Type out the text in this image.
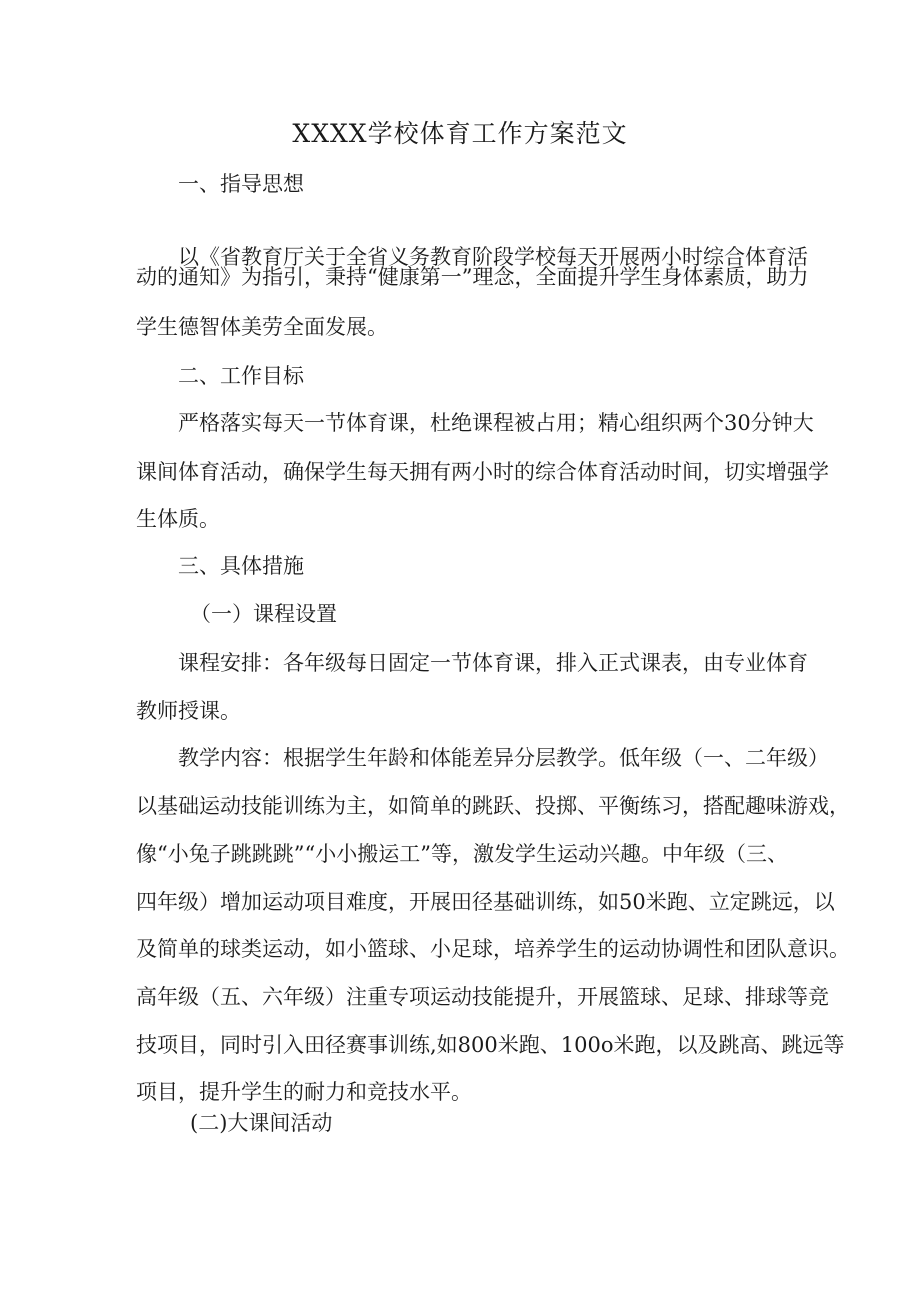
XXXX学校体育工作方案范文

一、指导思想

以《省教育厅关于全省义务教育阶段学校每天开展两小时综合体育活

动的通知》为指引，秉持“健康第一”理念，全面提升学生身体素质，助力

学生德智体美劳全面发展。

二、工作目标

严格落实每天一节体育课，杜绝课程被占用；精心组织两个30分钟大

课间体育活动，确保学生每天拥有两小时的综合体育活动时间，切实增强学

生体质。

三、具体措施

（一）课程设置

课程安排：各年级每日固定一节体育课，排入正式课表，由专业体育

教师授课。

教学内容：根据学生年龄和体能差异分层教学。低年级（一、二年级）

以基础运动技能训练为主，如简单的跳跃、投掷、平衡练习，搭配趣味游戏，

像“小兔子跳跳跳”“小小搬运工”等，激发学生运动兴趣。中年级（三、

四年级）增加运动项目难度，开展田径基础训练，如50米跑、立定跳远，以

及简单的球类运动，如小篮球、小足球，培养学生的运动协调性和团队意识。

高年级（五、六年级）注重专项运动技能提升，开展篮球、足球、排球等竞

技项目，同时引入田径赛事训练,如800米跑、100o米跑，以及跳高、跳远等

项目，提升学生的耐力和竞技水平。

(二)大课间活动
